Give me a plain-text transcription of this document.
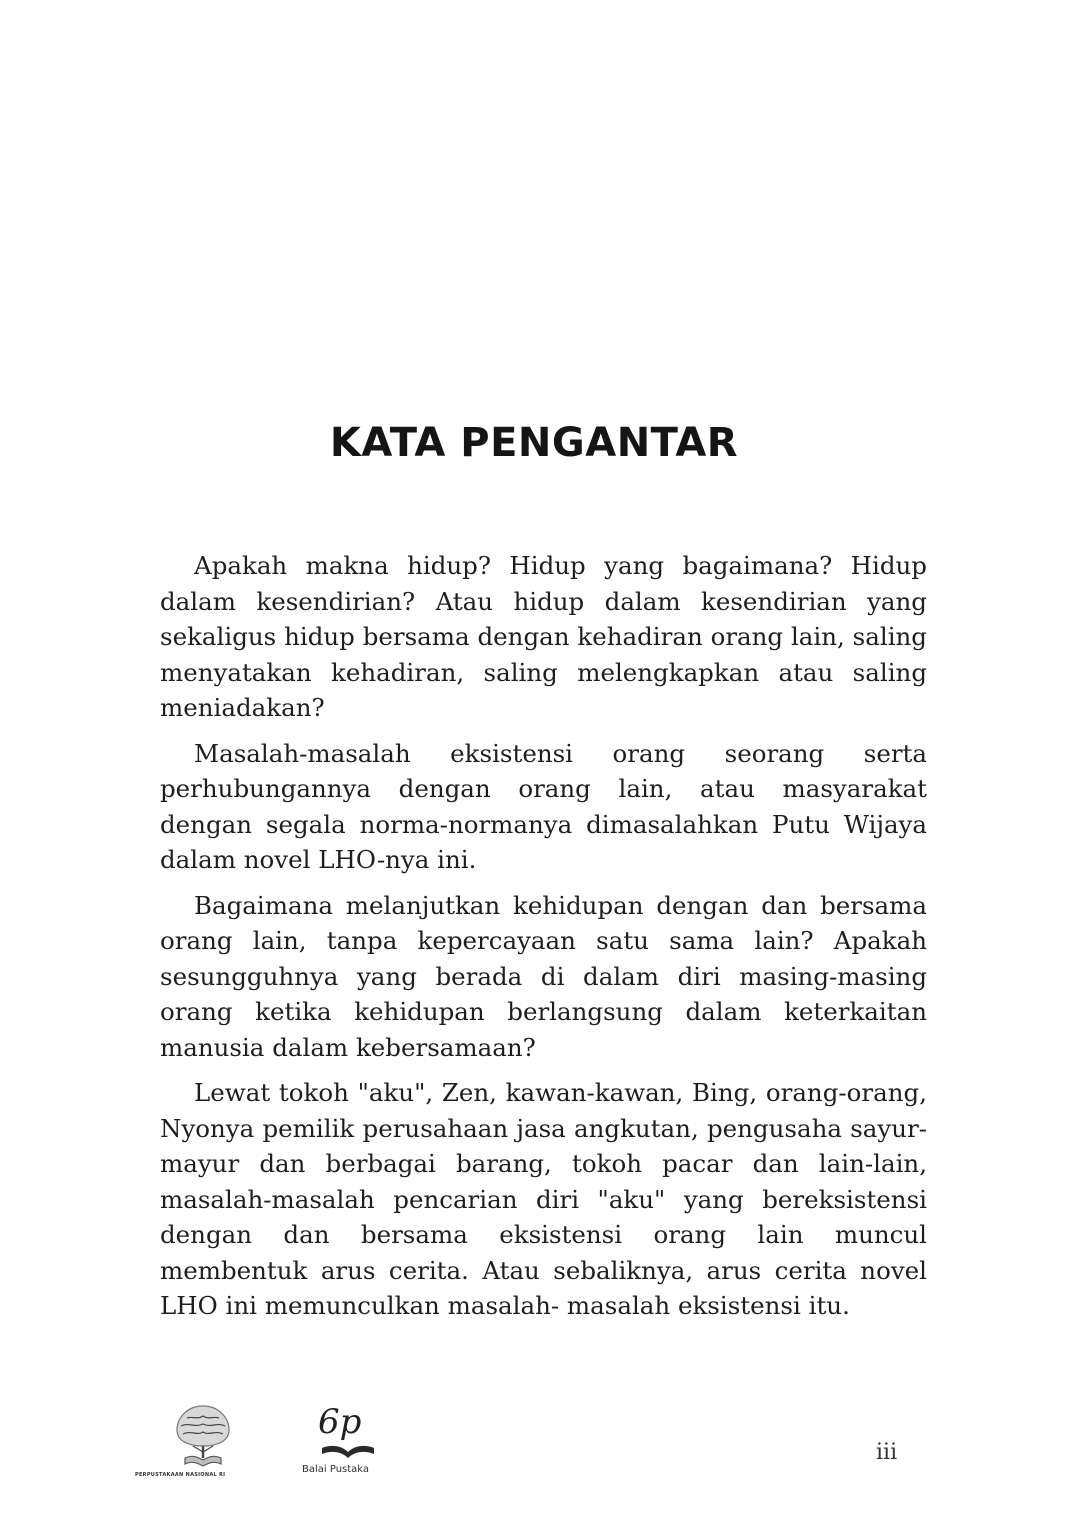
KATA PENGANTAR

Apakah makna hidup? Hidup yang bagaimana? Hidup dalam kesendirian? Atau hidup dalam kesendirian yang sekaligus hidup bersama dengan kehadiran orang lain, saling menyatakan kehadiran, saling melengkapkan atau saling meniadakan?

Masalah-masalah eksistensi orang seorang serta perhubungannya dengan orang lain, atau masyarakat dengan segala norma-normanya dimasalahkan Putu Wijaya dalam novel LHO-nya ini.

Bagaimana melanjutkan kehidupan dengan dan bersama orang lain, tanpa kepercayaan satu sama lain? Apakah sesungguhnya yang berada di dalam diri masing-masing orang ketika kehidupan berlangsung dalam keterkaitan manusia dalam kebersamaan?

Lewat tokoh "aku", Zen, kawan-kawan, Bing, orang-orang, Nyonya pemilik perusahaan jasa angkutan, pengusaha sayur-mayur dan berbagai barang, tokoh pacar dan lain-lain, masalah-masalah pencarian diri "aku" yang bereksistensi dengan dan bersama eksistensi orang lain muncul membentuk arus cerita. Atau sebaliknya, arus cerita novel LHO ini memunculkan masalah- masalah eksistensi itu.

PERPUSTAKAAN NASIONAL RI
6p
Balai Pustaka
iii
